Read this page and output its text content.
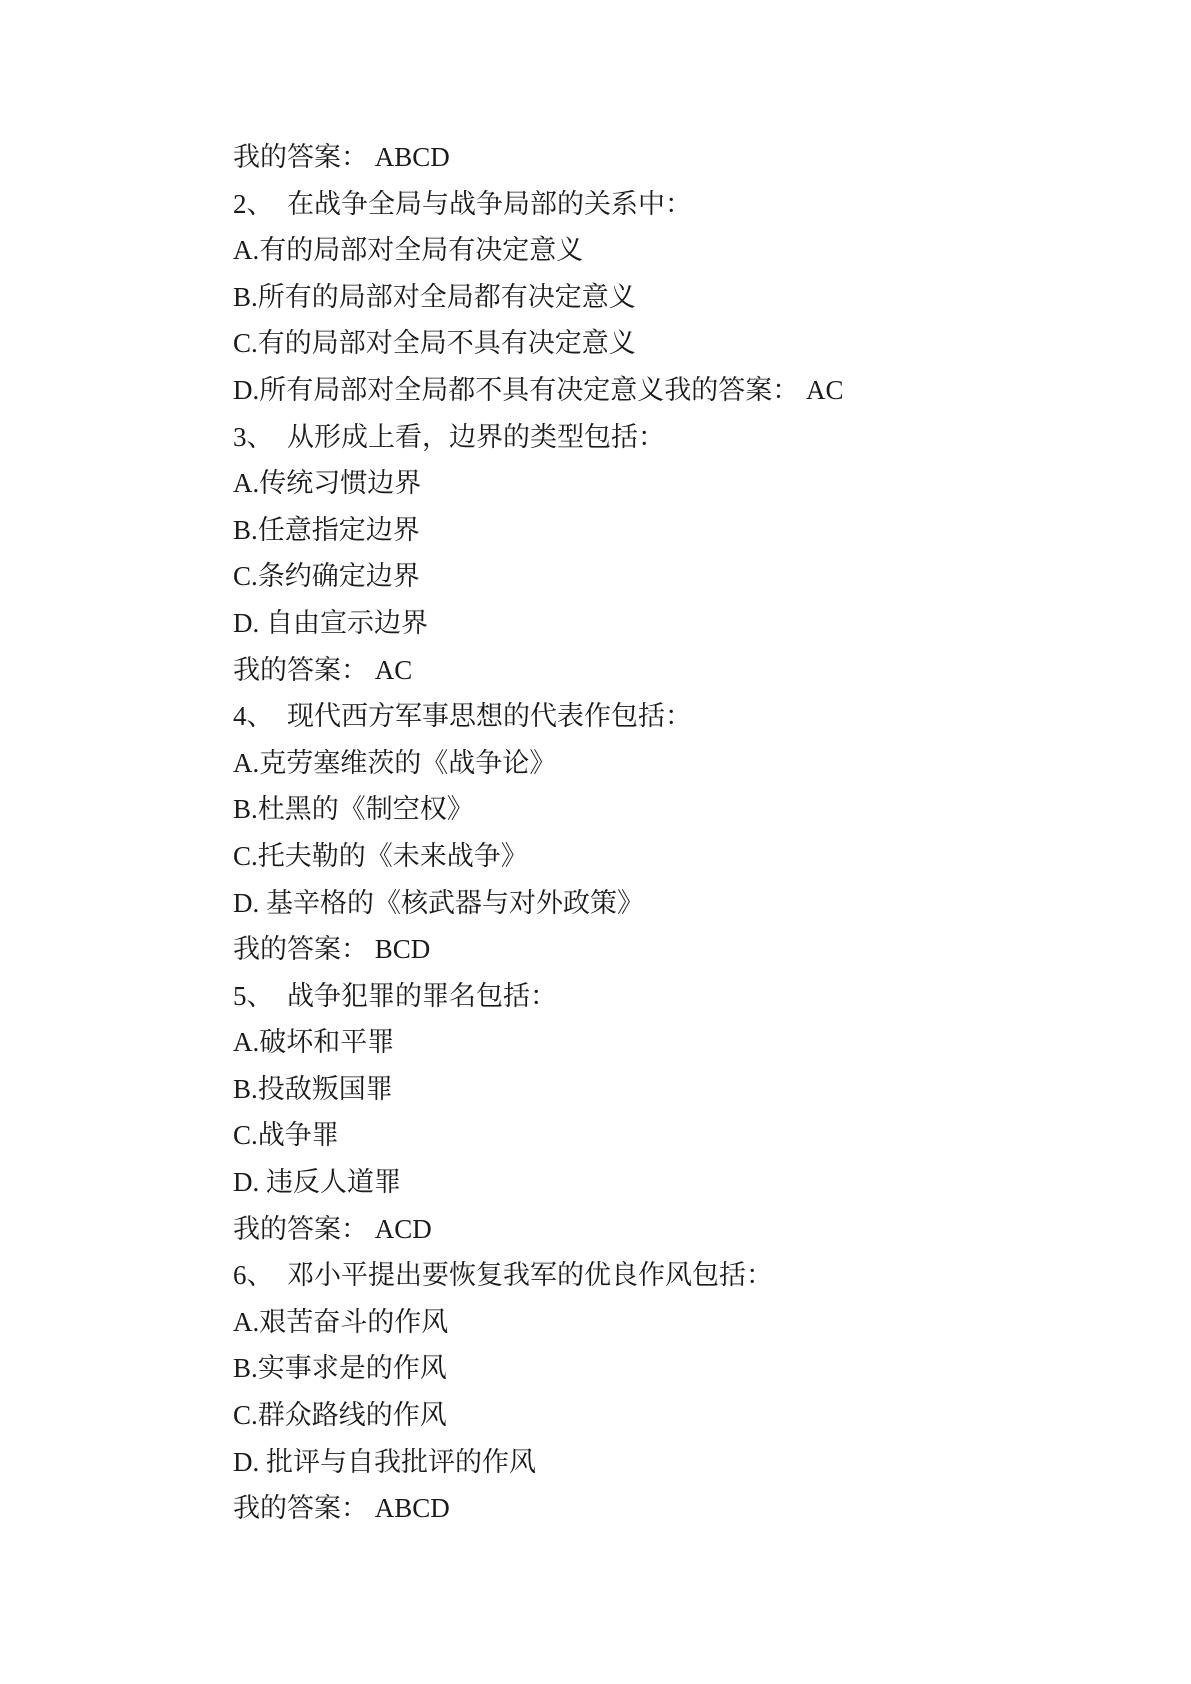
我的答案： ABCD

2、　在战争全局与战争局部的关系中：

A.有的局部对全局有决定意义

B.所有的局部对全局都有决定意义

C.有的局部对全局不具有决定意义

D.所有局部对全局都不具有决定意义我的答案： AC

3、　从形成上看，边界的类型包括：

A.传统习惯边界

B.任意指定边界

C.条约确定边界

D. 自由宣示边界

我的答案： AC

4、　现代西方军事思想的代表作包括：

A.克劳塞维茨的《战争论》

B.杜黑的《制空权》

C.托夫勒的《未来战争》

D. 基辛格的《核武器与对外政策》

我的答案： BCD

5、　战争犯罪的罪名包括：

A.破坏和平罪

B.投敌叛国罪

C.战争罪

D. 违反人道罪

我的答案： ACD

6、　邓小平提出要恢复我军的优良作风包括：

A.艰苦奋斗的作风

B.实事求是的作风

C.群众路线的作风

D. 批评与自我批评的作风

我的答案： ABCD
